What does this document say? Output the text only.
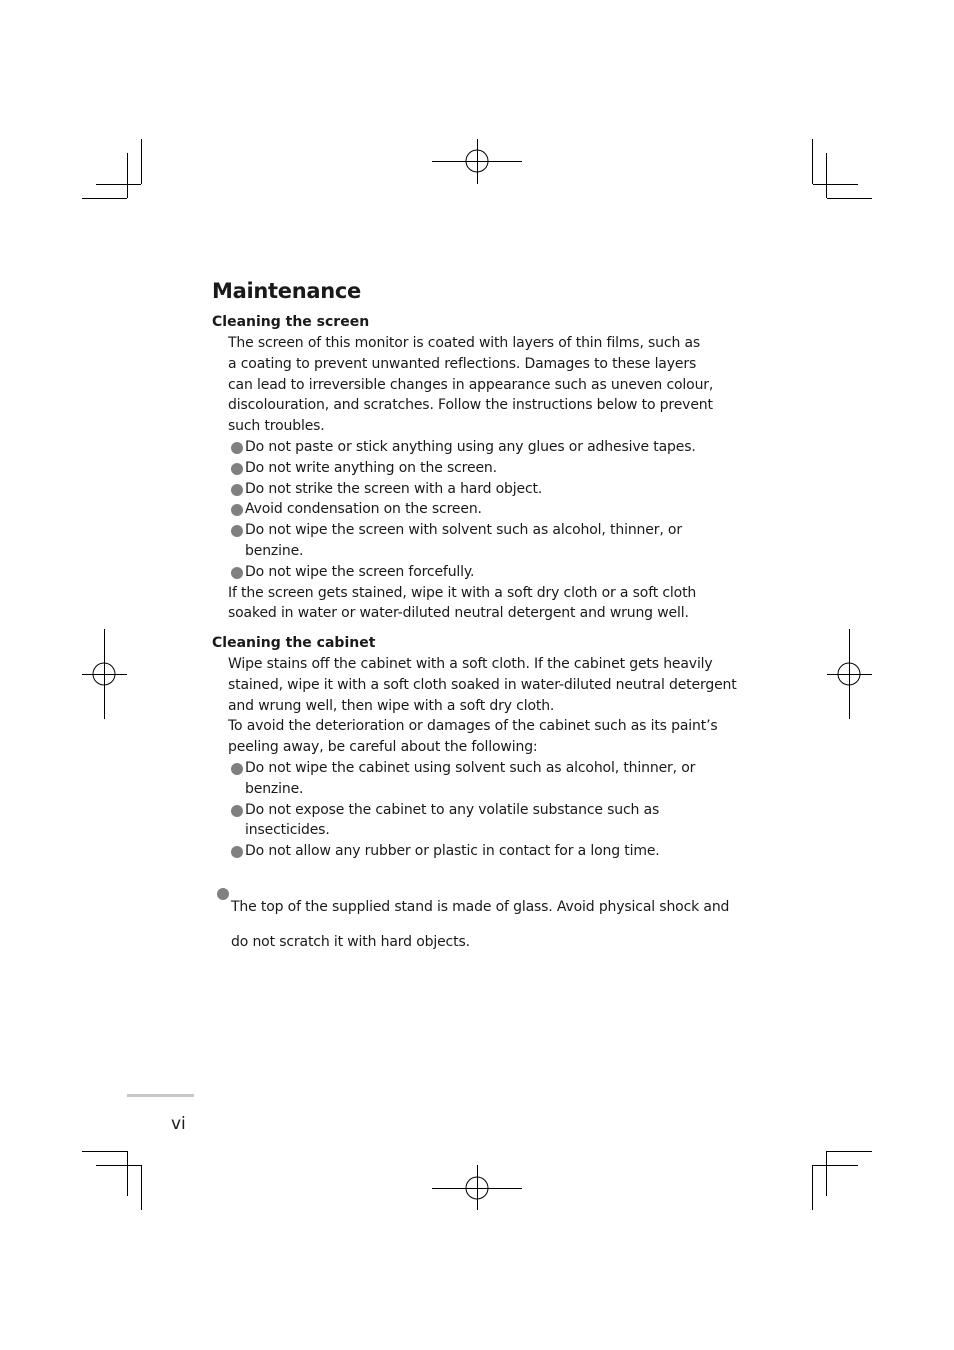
Maintenance
Cleaning the screen

The screen of this monitor is coated with layers of thin films, such as

a coating to prevent unwanted reflections. Damages to these layers

can lead to irreversible changes in appearance such as uneven colour,

discolouration, and scratches. Follow the instructions below to prevent

such troubles.

Do not paste or stick anything using any glues or adhesive tapes.

Do not write anything on the screen.

Do not strike the screen with a hard object.

Avoid condensation on the screen.

Do not wipe the screen with solvent such as alcohol, thinner, or

benzine.

Do not wipe the screen forcefully.

If the screen gets stained, wipe it with a soft dry cloth or a soft cloth

soaked in water or water-diluted neutral detergent and wrung well.

Cleaning the cabinet

Wipe stains off the cabinet with a soft cloth. If the cabinet gets heavily

stained, wipe it with a soft cloth soaked in water-diluted neutral detergent

and wrung well, then wipe with a soft dry cloth.

To avoid the deterioration or damages of the cabinet such as its paint’s

peeling away, be careful about the following:

Do not wipe the cabinet using solvent such as alcohol, thinner, or

benzine.

Do not expose the cabinet to any volatile substance such as

insecticides.

Do not allow any rubber or plastic in contact for a long time.

The top of the supplied stand is made of glass. Avoid physical shock and

do not scratch it with hard objects.

vi
